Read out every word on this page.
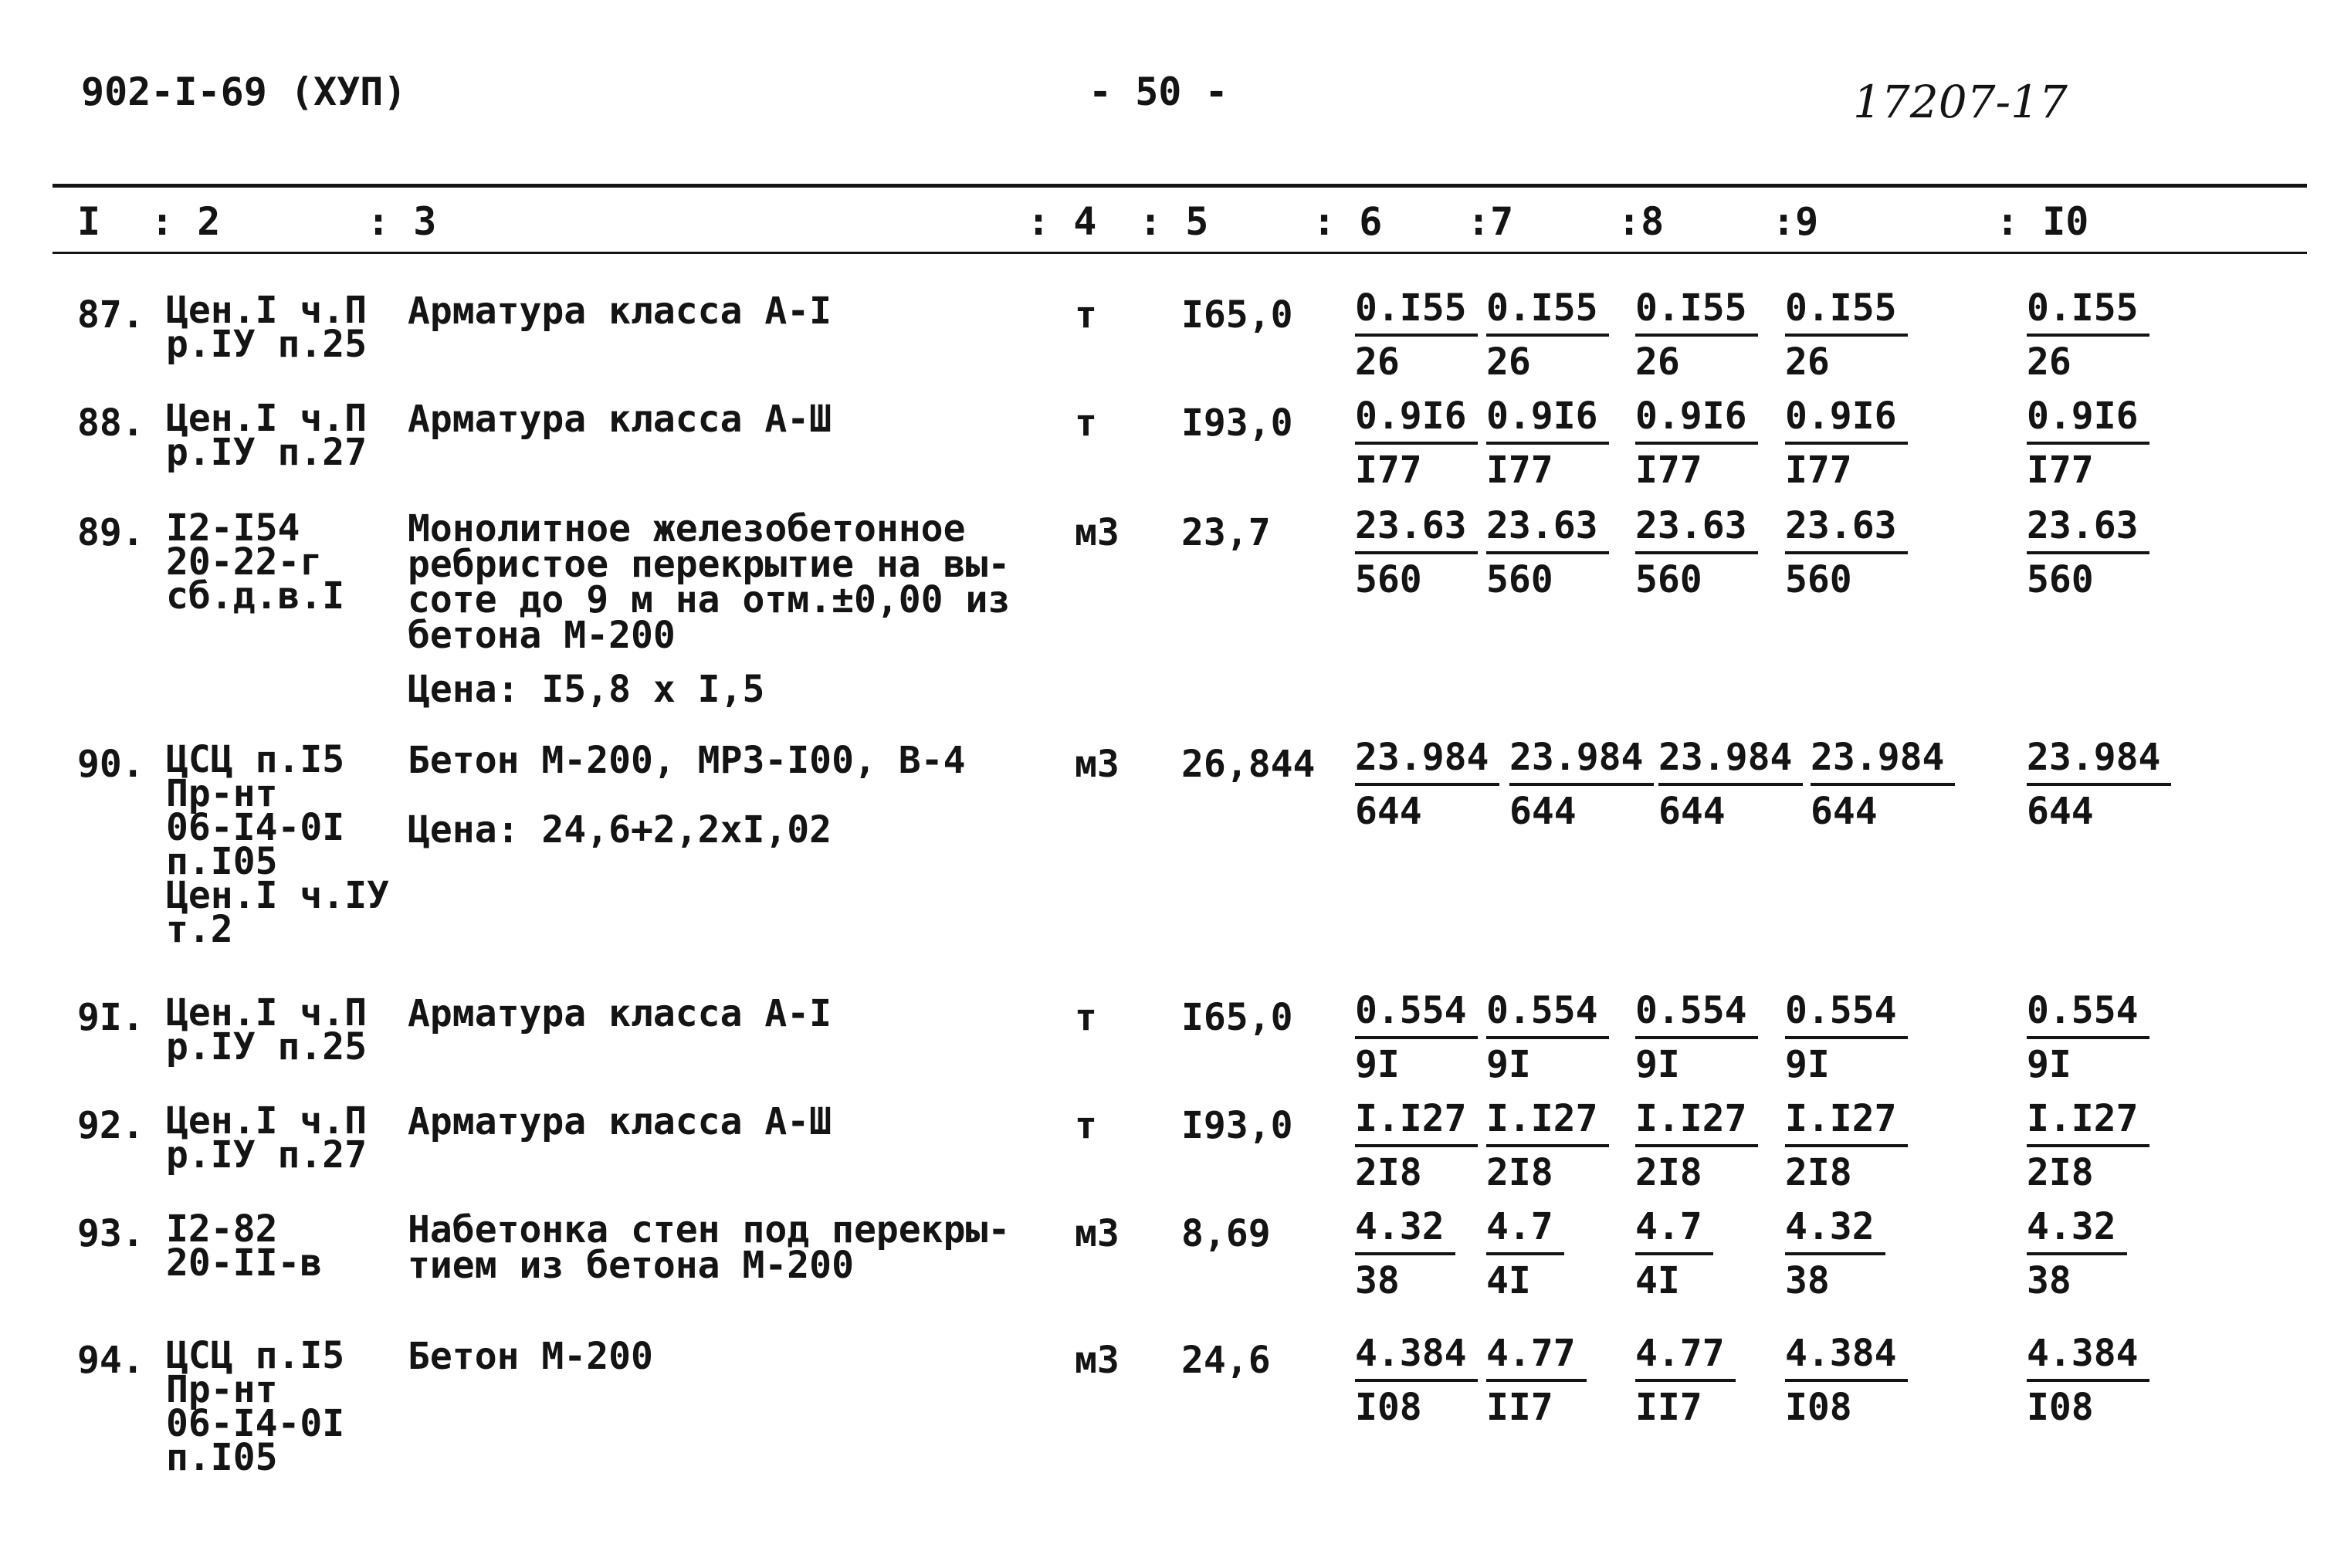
902-I-69 (ХУП)	- 50 -	17207-17
I : 2	: 3	: 4 : 5	: 6 :7	:8	:9	: I0
87. Цен.I ч.П
р.IУ п.25
Арматура класса А-I	т $I65,0 \frac{0.I55}{26} \frac{0.I55}{26} \frac{0.I55}{26} \frac{0.I55}{26}$	$\frac{0.I55}{26}$
88. Цен.I ч.П
р.IУ п.27
Арматура класса А-Ш	т $I93,0 \frac{0.9I6}{I77} \frac{0.9I6}{I77} \frac{0.9I6}{I77} \frac{0.9I6}{I77}$	$\frac{0.9I6}{I77}$
89. I2-I54
20-22-г
сб.д.в.I
Монолитное железобетонное
ребристое перекрытие на вы-
соте до 9 м на отм.±0,00 из
бетона М-200
Цена: I5,8 х I,5
м3 $23,7 \frac{23.63}{560} \frac{23.63}{560} \frac{23.63}{560} \frac{23.63}{560}$	$\frac{23.63}{560}$
90. ЦСЦ п.I5
Пр-нт
06-I4-0I
п.I05
Цен.I ч.IУ
т.2
Бетон М-200, МРЗ-I00, В-4
Цена: 24,6+2,2хI,02
м3 $26,844 \frac{23.984}{644} \frac{23.984}{644} \frac{23.984}{644} \frac{23.984}{644} \frac{23.984}{644}$
9I. Цен.I ч.П
р.IУ п.25
Арматура класса А-I	т $I65,0 \frac{0.554}{9I} \frac{0.554}{9I} \frac{0.554}{9I} \frac{0.554}{9I}$	$\frac{0.554}{9I}$
92. Цен.I ч.П
р.IУ п.27
Арматура класса А-Ш	т $I93,0 \frac{I.I27}{2I8} \frac{I.I27}{2I8} \frac{I.I27}{2I8} \frac{I.I27}{2I8}$	$\frac{I.I27}{2I8}$
93. I2-82
20-II-в
Набетонка стен под перекры-
тием из бетона М-200
м3 $8,69 \frac{4.32}{38} \frac{4.7}{4I} \frac{4.7}{4I} \frac{4.32}{38}$	$\frac{4.32}{38}$
94. ЦСЦ п.I5
Пр-нт
06-I4-0I
п.I05
Бетон М-200	м3 $24,6 \frac{4.384}{I08} \frac{4.77}{II7} \frac{4.77}{II7} \frac{4.384}{I08}$	$\frac{4.384}{I08}$
